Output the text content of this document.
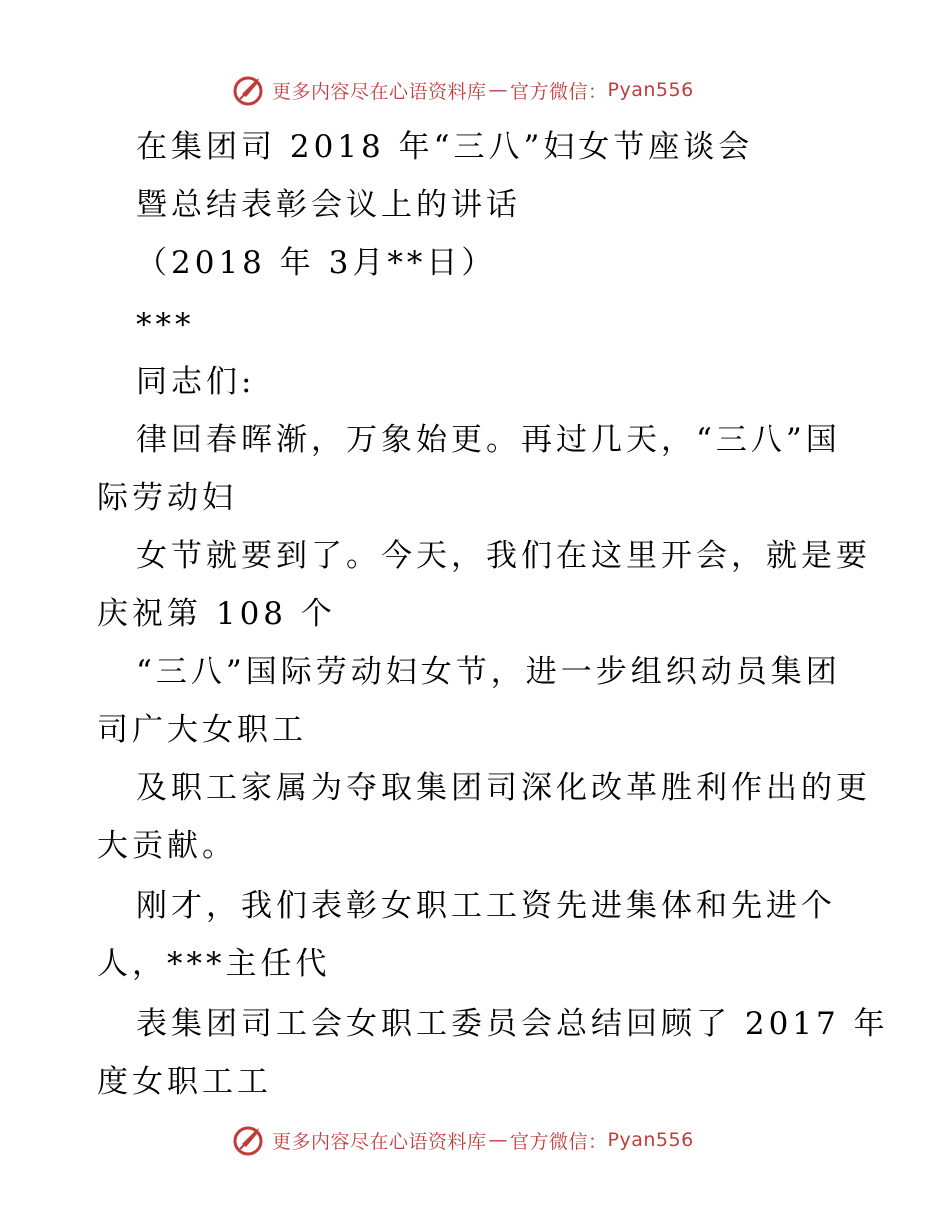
更多内容尽在心语资料库 — 官方微信： Pyan556
在集团司 2018 年“三八”妇女节座谈会
暨总结表彰会议上的讲话
（2018 年 3月**日）
***
同志们:
律回春晖渐，万象始更。再过几天，“三八”国
际劳动妇
女节就要到了。今天，我们在这里开会，就是要
庆祝第 108 个
“三八”国际劳动妇女节，进一步组织动员集团
司广大女职工
及职工家属为夺取集团司深化改革胜利作出的更
大贡献。
刚才，我们表彰女职工工资先进集体和先进个
人，***主任代
表集团司工会女职工委员会总结回顾了 2017 年
度女职工工
更多内容尽在心语资料库 — 官方微信： Pyan556
